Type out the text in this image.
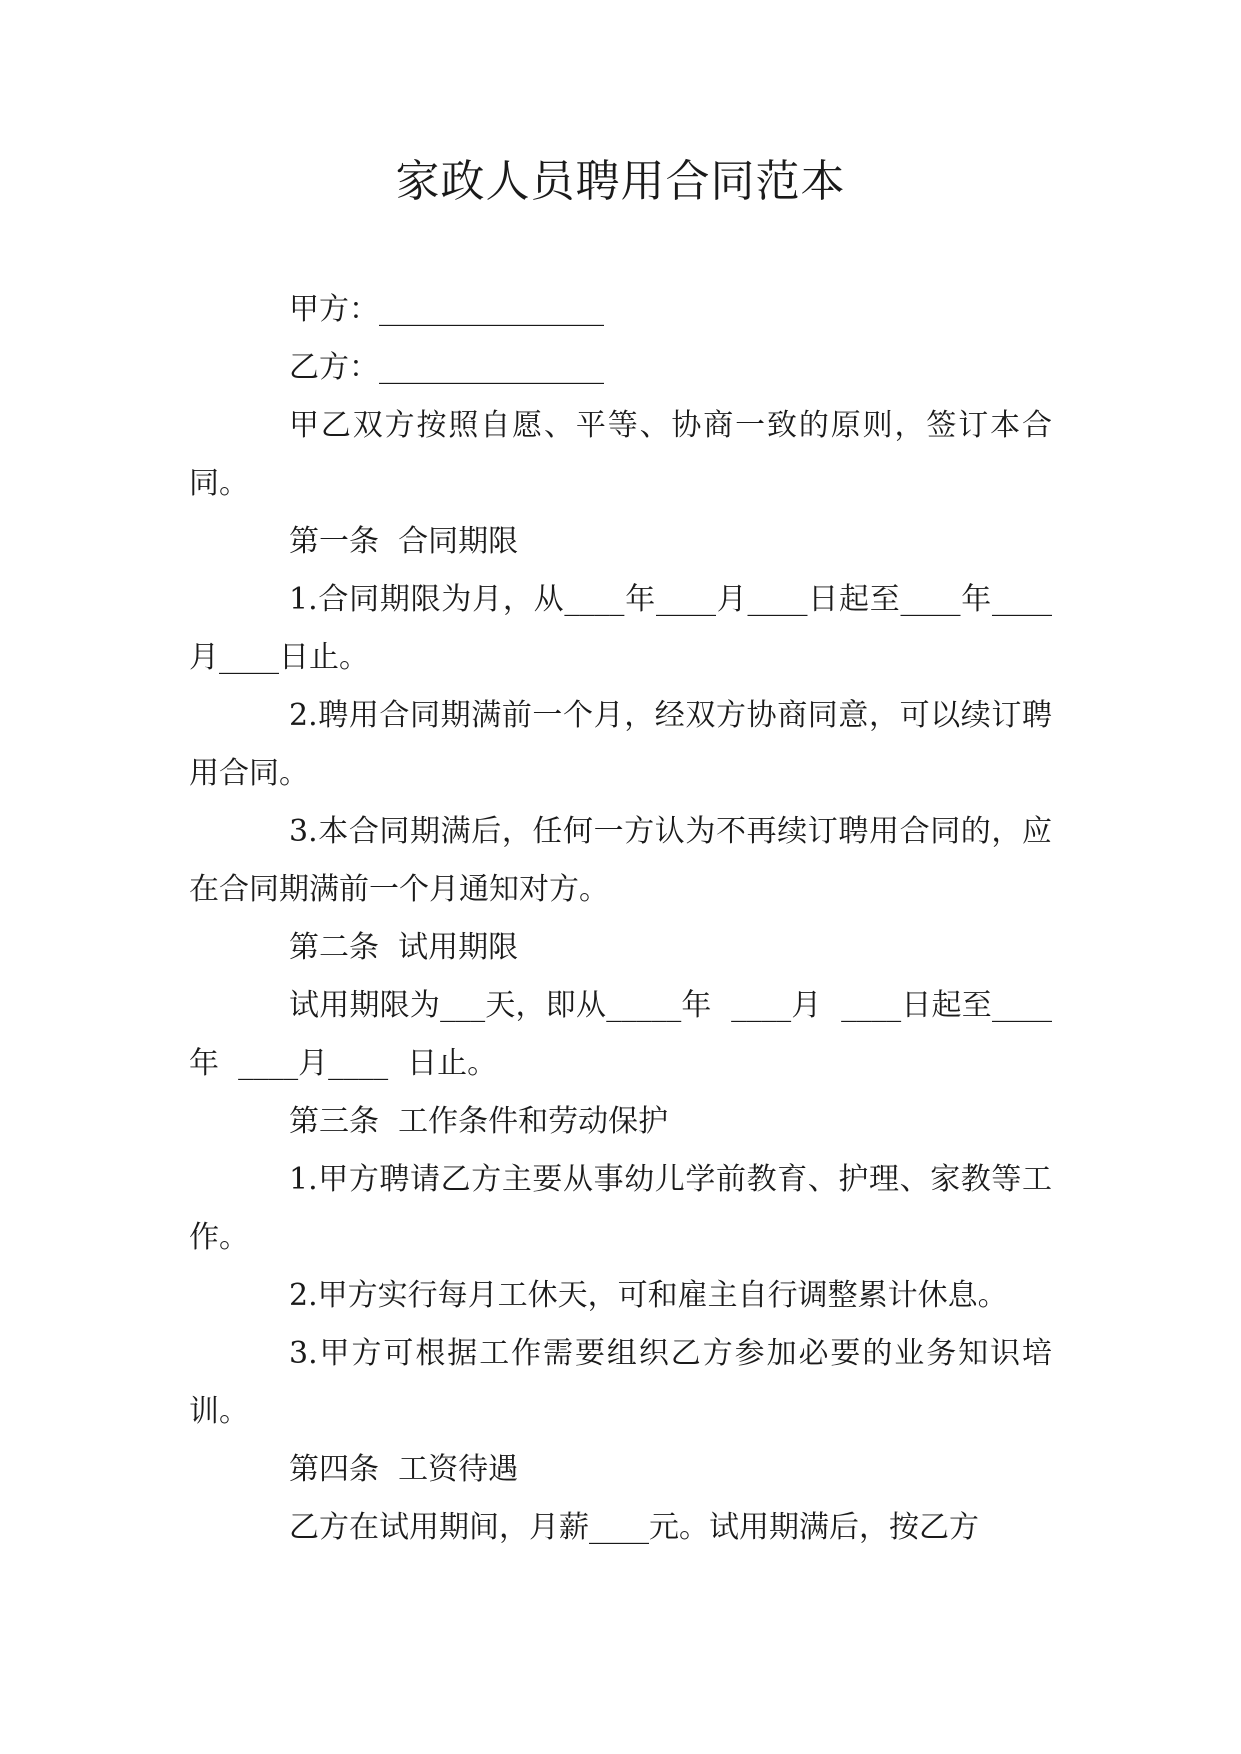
家政人员聘用合同范本

甲方：_______________

乙方：_______________

甲乙双方按照自愿、平等、协商一致的原则，签订本合同。

第一条  合同期限

1.合同期限为月，从____年____月____日起至____年____月____日止。

2.聘用合同期满前一个月，经双方协商同意，可以续订聘用合同。

3.本合同期满后，任何一方认为不再续订聘用合同的，应在合同期满前一个月通知对方。

第二条  试用期限

试用期限为___天，即从_____年  ____月  ____日起至____年  ____月____  日止。

第三条  工作条件和劳动保护

1.甲方聘请乙方主要从事幼儿学前教育、护理、家教等工作。

2.甲方实行每月工休天，可和雇主自行调整累计休息。

3.甲方可根据工作需要组织乙方参加必要的业务知识培训。

第四条  工资待遇

乙方在试用期间，月薪____元。试用期满后，按乙方
